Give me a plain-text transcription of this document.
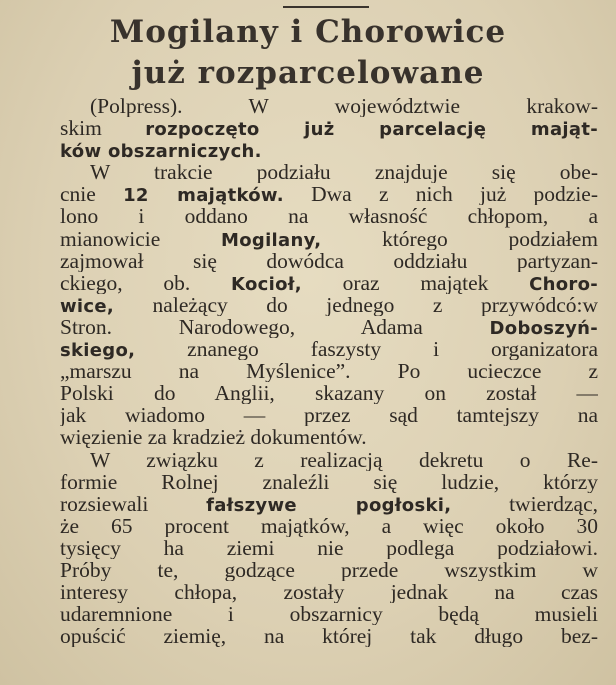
Mogilany i Chorowice
już rozparcelowane
(Polpress). W województwie krakow-
skim rozpoczęto już parcelację mająt-
ków obszarniczych.
W trakcie podziału znajduje się obe-
cnie 12 majątków. Dwa z nich już podzie-
lono i oddano na własność chłopom, a
mianowicie Mogilany, którego podziałem
zajmował się dowódca oddziału partyzan-
ckiego, ob. Kocioł, oraz majątek Choro-
wice, należący do jednego z przywódcó:w
Stron. Narodowego, Adama Doboszyń-
skiego, znanego faszysty i organizatora
„marszu na Myślenice”. Po ucieczce z
Polski do Anglii, skazany on został —
jak wiadomo — przez sąd tamtejszy na
więzienie za kradzież dokumentów.
W związku z realizacją dekretu o Re-
formie Rolnej znaleźli się ludzie, którzy
rozsiewali fałszywe pogłoski, twierdząc,
że 65 procent majątków, a więc około 30
tysięcy ha ziemi nie podlega podziałowi.
Próby te, godzące przede wszystkim w
interesy chłopa, zostały jednak na czas
udaremnione i obszarnicy będą musieli
opuścić ziemię, na której tak długo bez-
